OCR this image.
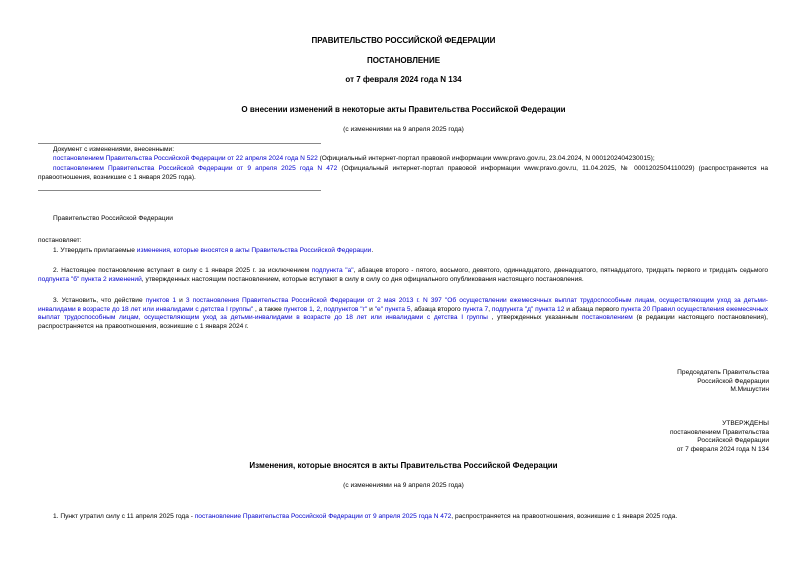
ПРАВИТЕЛЬСТВО РОССИЙСКОЙ ФЕДЕРАЦИИ
ПОСТАНОВЛЕНИЕ
от 7 февраля 2024 года N 134
О внесении изменений в некоторые акты Правительства Российской Федерации
(с изменениями на 9 апреля 2025 года)
Документ с изменениями, внесенными:
постановлением Правительства Российской Федерации от 22 апреля 2024 года N 522 (Официальный интернет-портал правовой информации www.pravo.gov.ru, 23.04.2024, N 0001202404230015);
постановлением Правительства Российской Федерации от 9 апреля 2025 года N 472 (Официальный интернет-портал правовой информации www.pravo.gov.ru, 11.04.2025, № 0001202504110029) (распространяется на правоотношения, возникшие с 1 января 2025 года).
Правительство Российской Федерации
постановляет:
1. Утвердить прилагаемые изменения, которые вносятся в акты Правительства Российской Федерации.
2. Настоящее постановление вступает в силу с 1 января 2025 г. за исключением подпункта "а", абзацев второго - пятого, восьмого, девятого, одиннадцатого, двенадцатого, пятнадцатого, тридцать первого и тридцать седьмого подпункта "б" пункта 2 изменений, утвержденных настоящим постановлением, которые вступают в силу в силу со дня официального опубликования настоящего постановления.
3. Установить, что действие пунктов 1 и 3 постановления Правительства Российской Федерации от 2 мая 2013 г. N 397 "Об осуществлении ежемесячных выплат трудоспособным лицам, осуществляющим уход за детьми-инвалидами в возрасте до 18 лет или инвалидами с детства I группы" , а также пунктов 1, 2, подпунктов "г" и "е" пункта 5, абзаца второго пункта 7, подпункта "д" пункта 12 и абзаца первого пункта 20 Правил осуществления ежемесячных выплат трудоспособным лицам, осуществляющим уход за детьми-инвалидами в возрасте до 18 лет или инвалидами с детства I группы , утвержденных указанным постановлением (в редакции настоящего постановления), распространяется на правоотношения, возникшие с 1 января 2024 г.
Председатель Правительства
Российской Федерации
М.Мишустин
УТВЕРЖДЕНЫ
постановлением Правительства
Российской Федерации
от 7 февраля 2024 года N 134
Изменения, которые вносятся в акты Правительства Российской Федерации
(с изменениями на 9 апреля 2025 года)
1. Пункт утратил силу с 11 апреля 2025 года - постановление Правительства Российской Федерации от 9 апреля 2025 года N 472, распространяется на правоотношения, возникшие с 1 января 2025 года.
